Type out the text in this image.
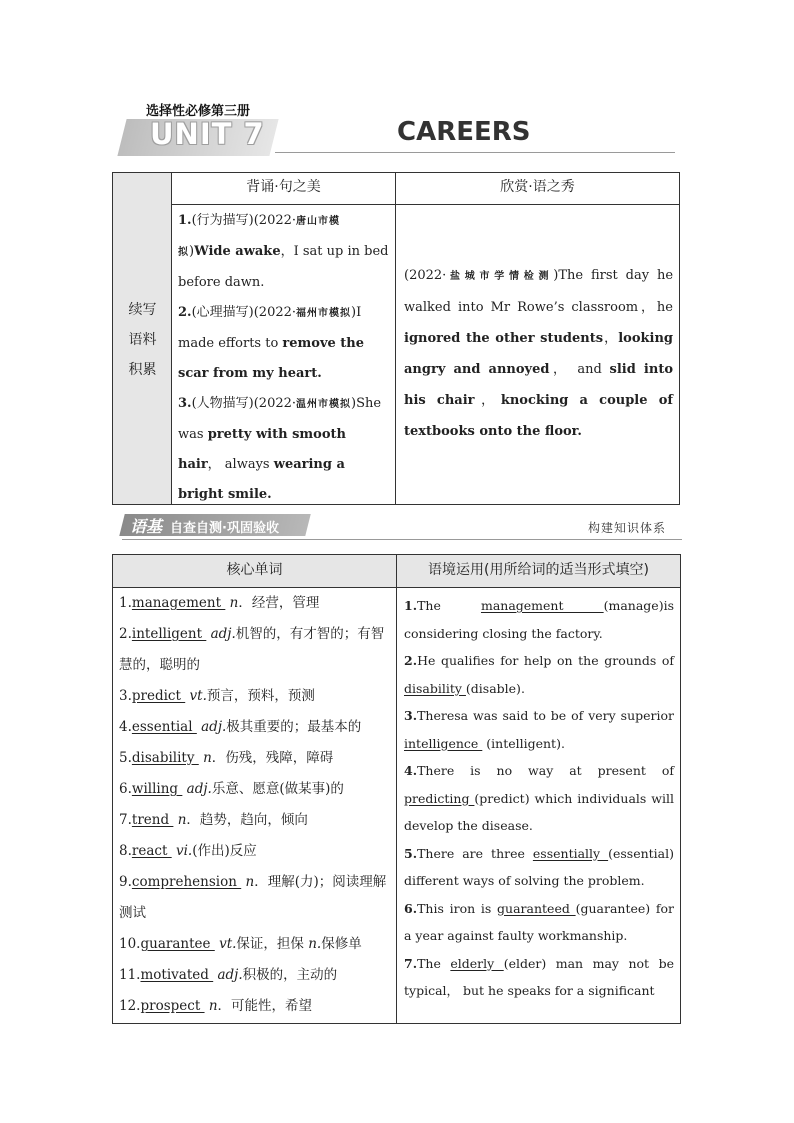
选择性必修第三册
UNIT 7	CAREERS
续写
语料
积累
背诵·句之美	欣赏·语之秀
1.(行为描写)(2022·唐山市模拟)Wide awake，I sat up in bed before dawn.
2.(心理描写)(2022·福州市模拟)I made efforts to remove the scar from my heart.
3.(人物描写)(2022·温州市模拟)She was pretty with smooth hair， always wearing a bright smile.
(2022·盐城市学情检测)The first day he walked into Mr Rowe’s classroom，he ignored the other students，looking angry and annoyed， and slid into his chair，knocking a couple of textbooks onto the floor.
语基 自查自测·巩固验收	构建知识体系
核心单词	语境运用(用所给词的适当形式填空)
1.management  n．经营，管理
2.intelligent  adj.机智的，有才智的；有智慧的，聪明的
3.predict  vt.预言，预料，预测
4.essential  adj.极其重要的；最基本的
5.disability  n．伤残，残障，障碍
6.willing  adj.乐意、愿意(做某事)的
7.trend  n．趋势，趋向，倾向
8.react  vi.(作出)反应
9.comprehension  n．理解(力)；阅读理解测试
10.guarantee  vt.保证，担保 n.保修单
11.motivated  adj.积极的，主动的
12.prospect  n．可能性，希望
1.The management (manage)is considering closing the factory.
2.He qualifies for help on the grounds of disability (disable).
3.Theresa was said to be of very superior intelligence  (intelligent).
4.There is no way at present of predicting (predict) which individuals will develop the disease.
5.There are three essentially (essential) different ways of solving the problem.
6.This iron is guaranteed (guarantee) for a year against faulty workmanship.
7.The elderly (elder) man may not be typical， but he speaks for a significant
